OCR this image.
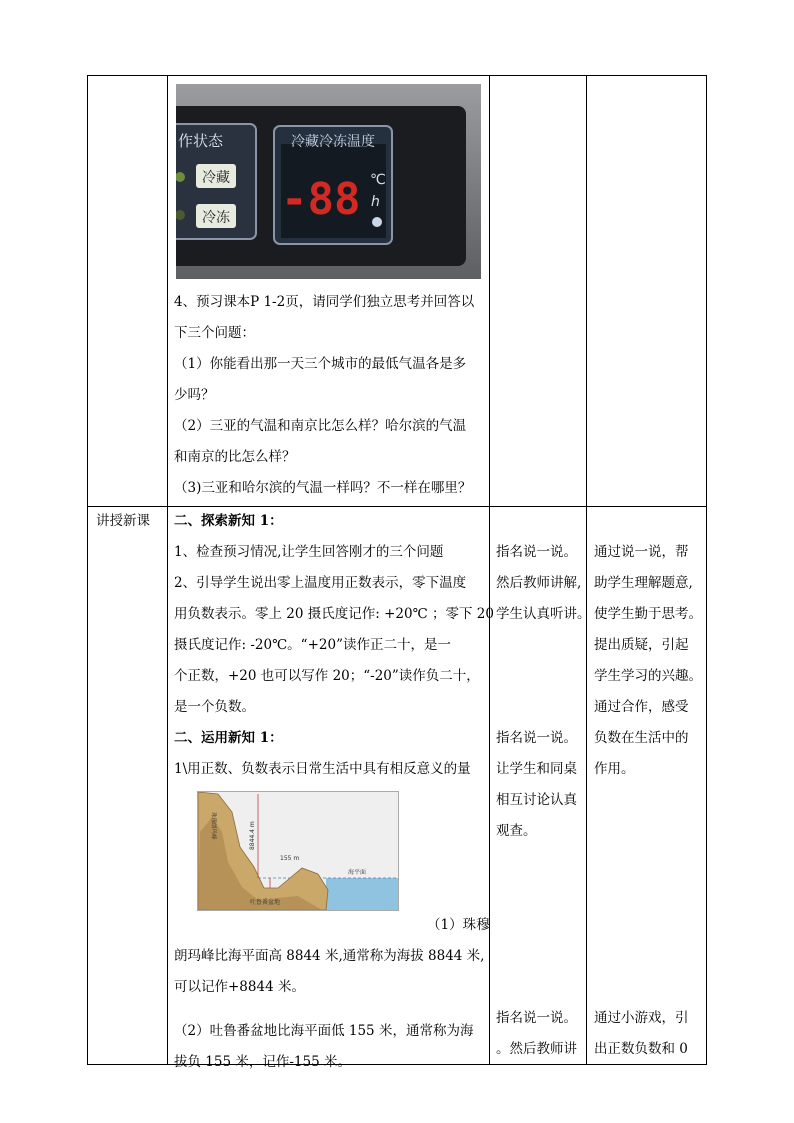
作状态
冷藏
冷冻
冷藏冷冻温度
-88 ℃
h

4、预习课本P 1-2页，请同学们独立思考并回答以

下三个问题：

（1）你能看出那一天三个城市的最低气温各是多

少吗？

（2）三亚的气温和南京比怎么样？哈尔滨的气温

和南京的比怎么样？

（3)三亚和哈尔滨的气温一样吗？不一样在哪里？

讲授新课 二、探索新知 1：

1、检查预习情况,让学生回答刚才的三个问题

2、引导学生说出零上温度用正数表示，零下温度

用负数表示。零上 20 摄氏度记作: +20℃ ；零下 20

摄氏度记作: -20℃。“+20”读作正二十，是一

个正数，+20 也可以写作 20；“-20”读作负二十，

是一个负数。

二、运用新知 1：

1\用正数、负数表示日常生活中具有相反意义的量

珠穆朗玛峰	8844.4 m
155 m
海平面
吐鲁番盆地

（1）珠穆

朗玛峰比海平面高 8844 米,通常称为海拔 8844 米,

可以记作+8844 米。

（2）吐鲁番盆地比海平面低 155 米，通常称为海

拔负 155 米，记作-155 米。

指名说一说。

然后教师讲解,

学生认真听讲。

指名说一说。

让学生和同桌

相互讨论认真

观查。

指名说一说。

。然后教师讲

通过说一说，帮

助学生理解题意,

使学生勤于思考。

提出质疑，引起

学生学习的兴趣。

通过合作，感受

负数在生活中的

作用。

通过小游戏，引

出正数负数和 0
